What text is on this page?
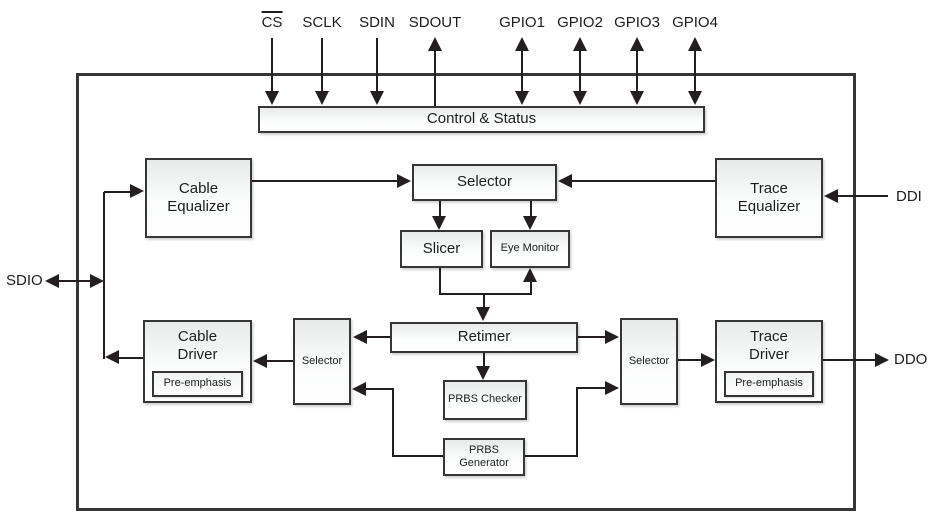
CS SCLK SDIN SDOUT	GPIO1 GPIO2 GPIO3 GPIO4
SDIO
DDI
DDO
Control & Status
Cable
Equalizer
Selector	Trace
Equalizer
Slicer	Eye Monitor
Retimer
PRBS Checker
PRBS
Generator
Cable
Driver
Pre-emphasis
Selector	Selector
Trace
Driver
Pre-emphasis
